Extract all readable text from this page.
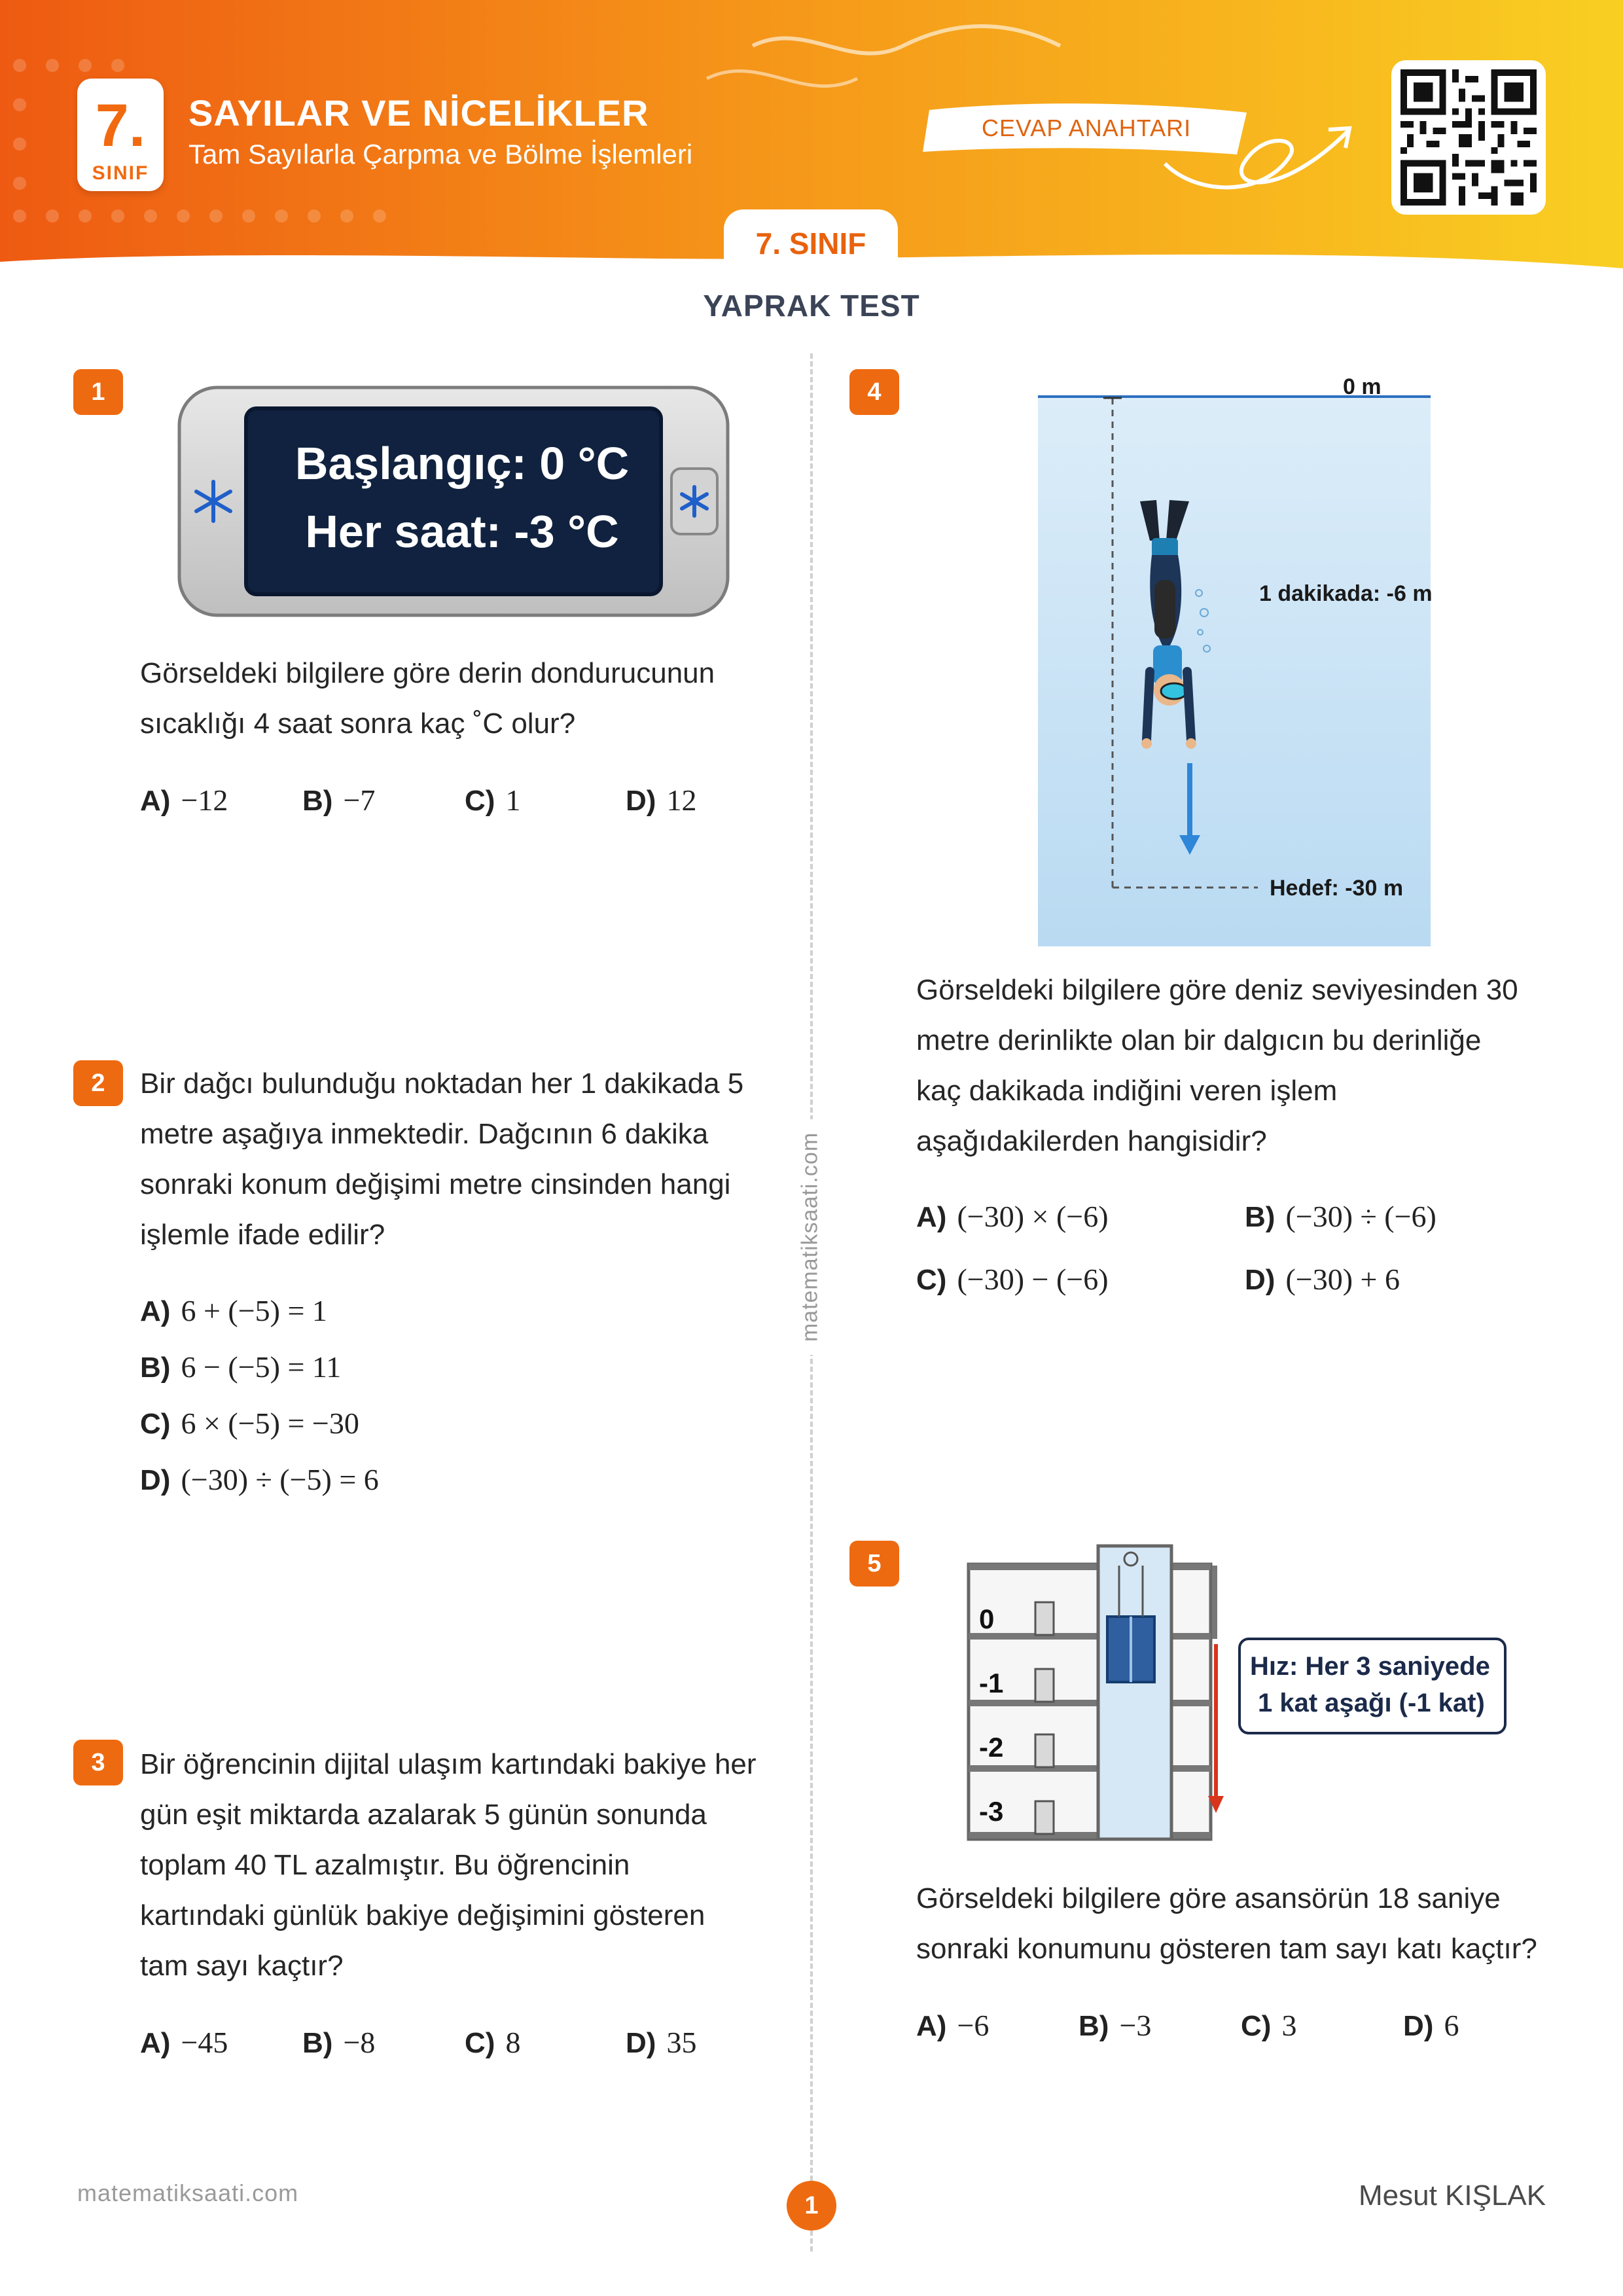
7.
SINIF
SAYILAR VE NİCELİKLER
Tam Sayılarla Çarpma ve Bölme İşlemleri
CEVAP ANAHTARI
7. SINIF
YAPRAK TEST
matematiksaati.com
1
Başlangıç: 0 °C
Her saat: -3 °C
Görseldeki bilgilere göre derin dondurucunun
sıcaklığı 4 saat sonra kaç ˚C olur?
A) −12	B) −7	C) 1	D) 12
2	Bir dağcı bulunduğu noktadan her 1 dakikada 5
metre aşağıya inmektedir. Dağcının 6 dakika
sonraki konum değişimi metre cinsinden hangi
işlemle ifade edilir?
A) 6 + (−5) = 1
B) 6 − (−5) = 11
C) 6 × (−5) = −30
D) (−30) ÷ (−5) = 6
3	Bir öğrencinin dijital ulaşım kartındaki bakiye her
gün eşit miktarda azalarak 5 günün sonunda
toplam 40 TL azalmıştır. Bu öğrencinin
kartındaki günlük bakiye değişimini gösteren
tam sayı kaçtır?
A) −45	B) −8	C) 8	D) 35
4	0 m
1 dakikada: -6 m
Hedef: -30 m
Görseldeki bilgilere göre deniz seviyesinden 30
metre derinlikte olan bir dalgıcın bu derinliğe
kaç dakikada indiğini veren işlem
aşağıdakilerden hangisidir?
A) (−30) × (−6)	B) (−30) ÷ (−6)
C) (−30) − (−6)	D) (−30) + 6
5
0
-1
-2
-3
Hız: Her 3 saniyede
1 kat aşağı (-1 kat)
Görseldeki bilgilere göre asansörün 18 saniye
sonraki konumunu gösteren tam sayı katı kaçtır?
A) −6	B) −3	C) 3	D) 6
matematiksaati.com	1	Mesut KIŞLAK
